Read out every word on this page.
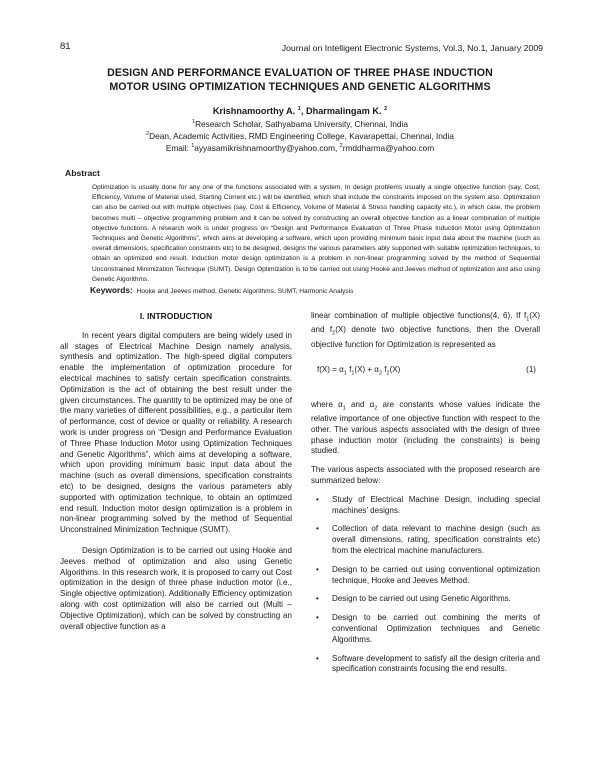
81	Journal on Intelligent Electronic Systems, Vol.3, No.1, January 2009
DESIGN AND PERFORMANCE EVALUATION OF THREE PHASE INDUCTION
MOTOR USING OPTIMIZATION TECHNIQUES AND GENETIC ALGORITHMS
Krishnamoorthy A. $^1$, Dharmalingam K. $^2$
$^1$Research Scholar, Sathyabama University, Chennai, India
$^2$Dean, Academic Activities, RMD Engineering College, Kavarapettai, Chennai, India
Email: $^1$ayyasamikrishnamoorthy@yahoo.com, $^2$rmddharma@yahoo.com
Abstract
Optimization is usually done for any one of the functions associated with a system. In design problems usually a single objective function (say, Cost, Efficiency, Volume of Material used, Starting Current etc.) will be identified, which shall include the constraints imposed on the system also. Optimization can also be carried out with multiple objectives (say, Cost & Efficiency, Volume of Material & Stress handling capacity etc.), in which case, the problem becomes multi – objective programming problem and it can be solved by constructing an overall objective function as a linear combination of multiple objective functions. A research work is under progress on “Design and Performance Evaluation of Three Phase Induction Motor using Optimization Techniques and Genetic Algorithms”, which aims at developing a software, which upon providing minimum basic input data about the machine (such as overall dimensions, specification constraints etc) to be designed, designs the various parameters ably supported with suitable optimization techniques, to obtain an optimized end result. Induction motor design optimization is a problem in non-linear programming solved by the method of Sequential Unconstrained Minimization Technique (SUMT). Design Optimization is to be carried out using Hooke and Jeeves method of optimization and also using Genetic Algorithms.
Keywords: Hooke and Jeeves method, Genetic Algorithms, SUMT, Harmonic Analysis
I. INTRODUCTION

In recent years digital computers are being widely used in all stages of Electrical Machine Design namely analysis, synthesis and optimization. The high-speed digital computers enable the implementation of optimization procedure for electrical machines to satisfy certain specification constraints. Optimization is the act of obtaining the best result under the given circumstances. The quantity to be optimized may be one of the many varieties of different possibilities, e.g., a particular item of performance, cost of device or quality or reliability. A research work is under progress on “Design and Performance Evaluation of Three Phase Induction Motor using Optimization Techniques and Genetic Algorithms”, which aims at developing a software, which upon providing minimum basic input data about the machine (such as overall dimensions, specification constraints etc) to be designed, designs the various parameters ably supported with optimization technique, to obtain an optimized end result. Induction motor design optimization is a problem in non-linear programming solved by the method of Sequential Unconstrained Minimization Technique (SUMT).

Design Optimization is to be carried out using Hooke and Jeeves method of optimization and also using Genetic Algorithms. In this research work, it is proposed to carry out Cost optimization in the design of three phase induction motor (i.e., Single objective optimization). Additionally Efficiency optimization along with cost optimization will also be carried out (Multi – Objective Optimization), which can be solved by constructing an overall objective function as a

linear combination of multiple objective functions(4, 6). If $f_1(X)$ and $f_2(X)$ denote two objective functions, then the Overall objective function for Optimization is represented as

$f(X) = \alpha_1$ $f_1(X) + \alpha_2$ $f_2(X)$	(1)

where $\alpha_1$ and $\alpha_2$ are constants whose values indicate the relative importance of one objective function with respect to the other. The various aspects associated with the design of three phase induction motor (including the constraints) is being studied.

The various aspects associated with the proposed research are summarized below:

• Study of Electrical Machine Design, including special machines’ designs.
• Collection of data relevant to machine design (such as overall dimensions, rating, specification constraints etc) from the electrical machine manufacturers.
• Design to be carried out using conventional optimization technique, Hooke and Jeeves Method.
• Design to be carried out using Genetic Algorithms.
• Design to be carried out combining the merits of conventional Optimization techniques and Genetic Algorithms.
• Software development to satisfy all the design criteria and specification constraints focusing the end results.
